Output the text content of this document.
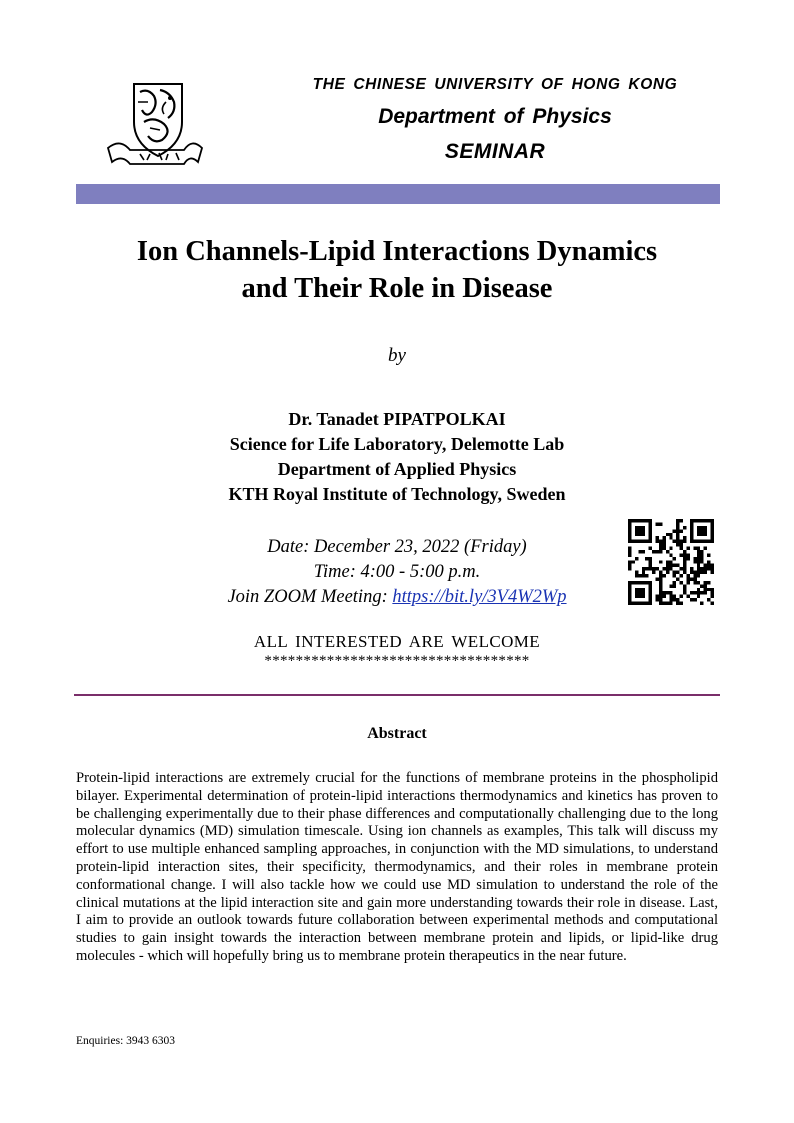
THE CHINESE UNIVERSITY OF HONG KONG
Department of Physics
SEMINAR
Ion Channels-Lipid Interactions Dynamics
and Their Role in Disease
by
Dr. Tanadet PIPATPOLKAI
Science for Life Laboratory, Delemotte Lab
Department of Applied Physics
KTH Royal Institute of Technology, Sweden
Date: December 23, 2022 (Friday)
Time: 4:00 - 5:00 p.m.
Join ZOOM Meeting: https://bit.ly/3V4W2Wp
ALL INTERESTED ARE WELCOME
**********************************
Abstract
Protein-lipid interactions are extremely crucial for the functions of membrane proteins in the phospholipid bilayer. Experimental determination of protein-lipid interactions thermodynamics and kinetics has proven to be challenging experimentally due to their phase differences and computationally challenging due to the long molecular dynamics (MD) simulation timescale. Using ion channels as examples, This talk will discuss my effort to use multiple enhanced sampling approaches, in conjunction with the MD simulations, to understand protein-lipid interaction sites, their specificity, thermodynamics, and their roles in membrane protein conformational change. I will also tackle how we could use MD simulation to understand the role of the clinical mutations at the lipid interaction site and gain more understanding towards their role in disease. Last, I aim to provide an outlook towards future collaboration between experimental methods and computational studies to gain insight towards the interaction between membrane protein and lipids, or lipid-like drug molecules - which will hopefully bring us to membrane protein therapeutics in the near future.
Enquiries: 3943 6303
